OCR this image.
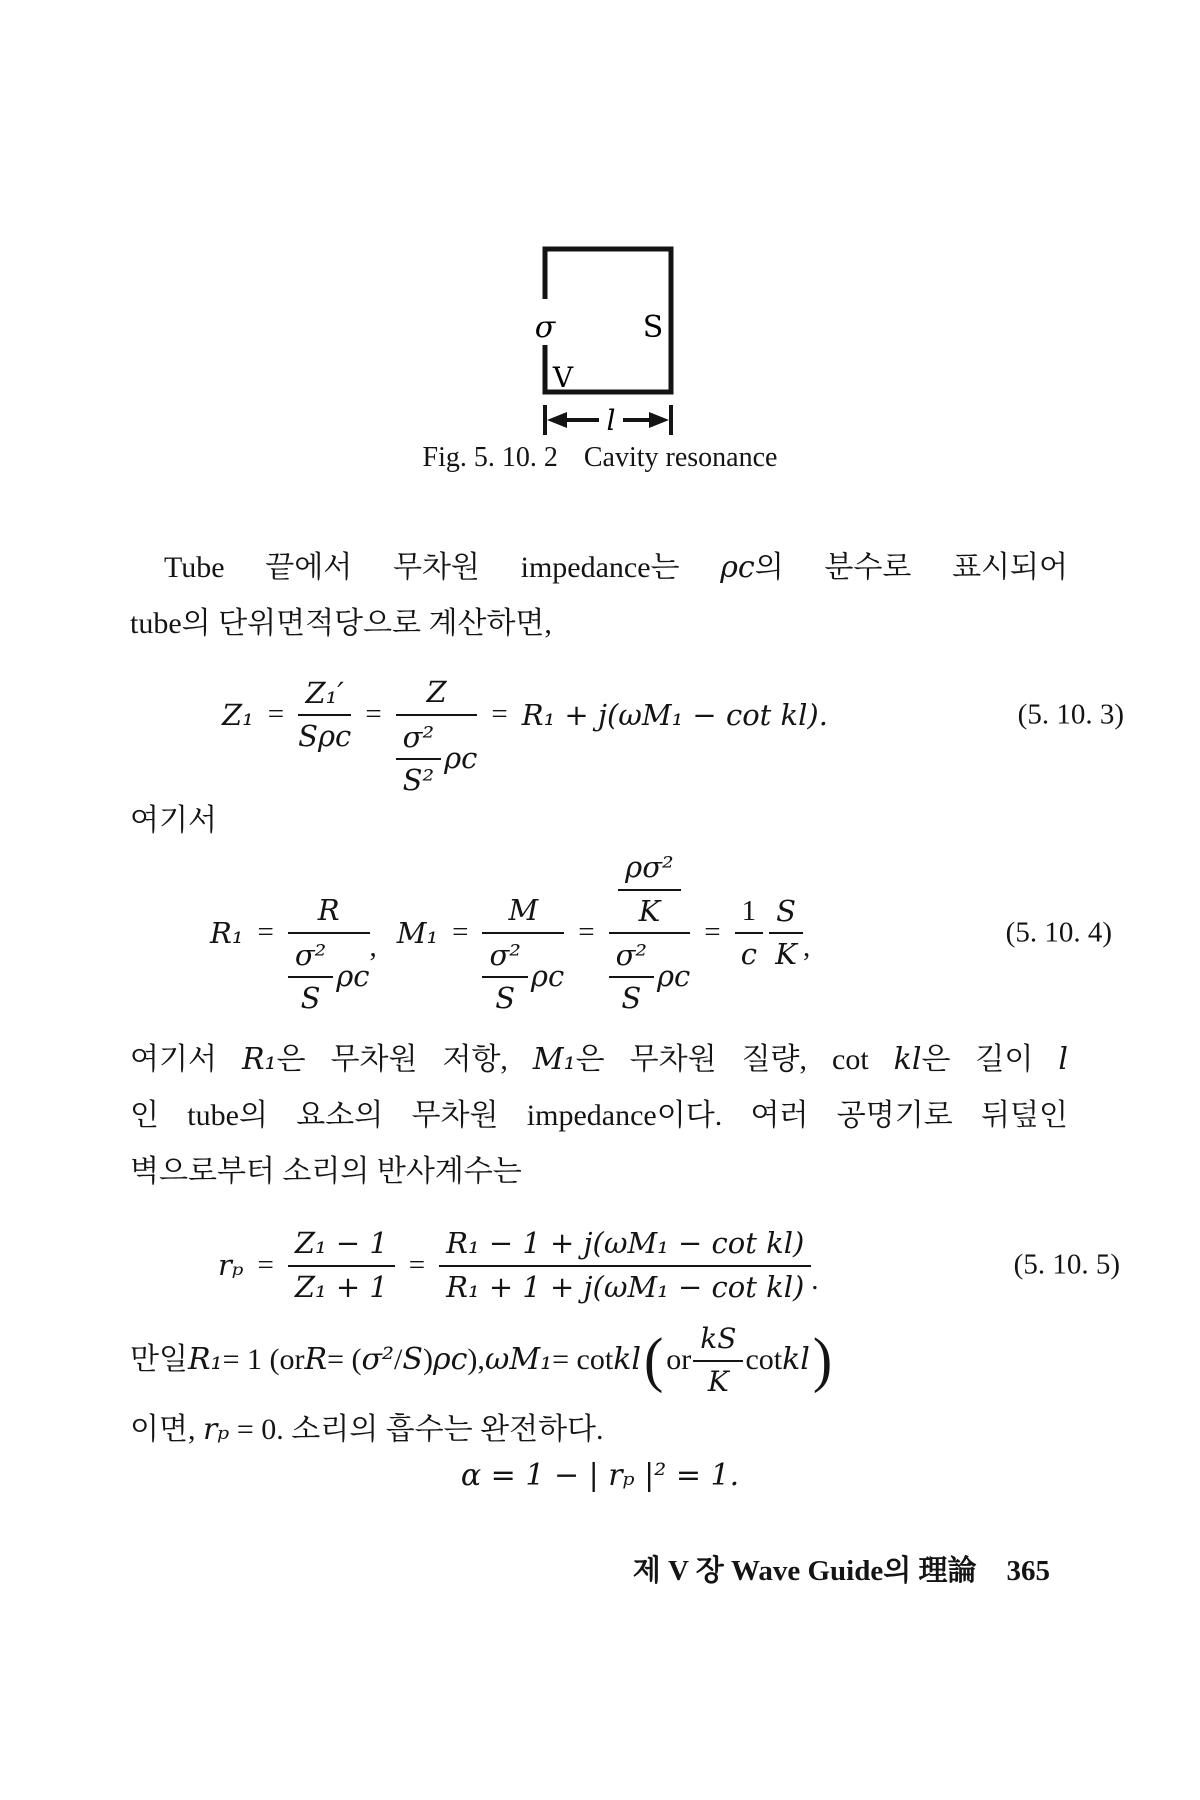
σ	S
V
l
Fig. 5. 10. 2 Cavity resonance
Tube 끝에서 무차원 impedance는 ρc의 분수로 표시되어
tube의 단위면적당으로 계산하면,
$Z_1 = \frac{\text{Z₁′}}{\text{Sρc}} = \frac{Z}{\frac{\text{σ²}}{\text{S²}} \rho c} = R_1 + j(\omega M_1 - \cot kl)$.	(5. 10. 3)
여기서
$R_1 = \frac{R}{\frac{\text{σ²}}{S} \rho c}$ , $M_1 = \frac{M}{\frac{\text{σ²}}{S} \rho c} = \frac{\frac{\text{ρσ²}}{K}}{\frac{\text{σ²}}{S} \rho c} = \frac{1}{c} \frac{S}{K}$ ,	(5. 10. 4)
여기서 R₁은 무차원 저항, M₁은 무차원 질량, cot kl은 길이 l
인 tube의 요소의 무차원 impedance이다. 여러 공명기로 뒤덮인
벽으로부터 소리의 반사계수는
$r_p = \frac{\text{Z₁ − 1}}{\text{Z₁ + 1}} = \frac{\text{R₁ − 1 + j(ωM₁ − cot kl)}}{\text{R₁ + 1 + j(ωM₁ − cot kl)}}$ .	(5. 10. 5)
만일 R₁ = 1 (or R = ( σ² / S ) ρc ), ωM₁ = cot kl ( or $\frac{kS}{K}$ cot kl )
이면, rₚ = 0. 소리의 흡수는 완전하다.
α = 1 − | rₚ |² = 1.
제 V 장 Wave Guide의 理論 365
